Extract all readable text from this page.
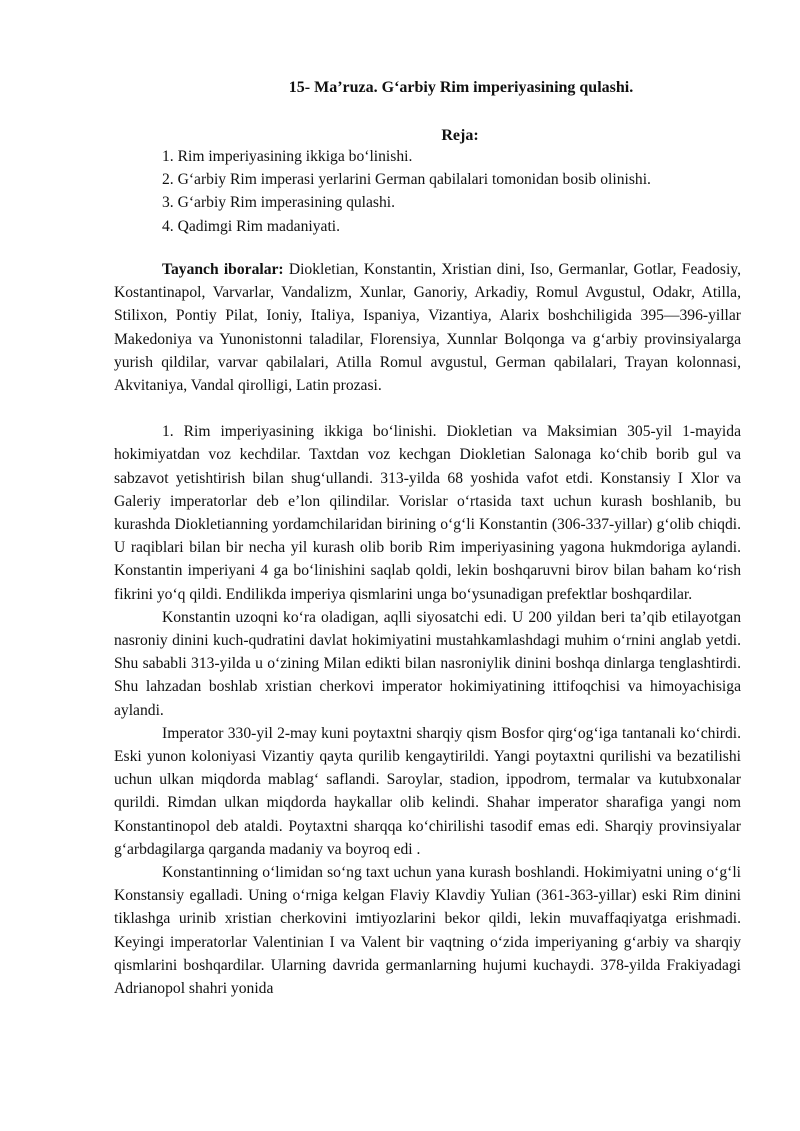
15- Ma’ruza. G‘arbiy Rim imperiyasining qulashi.
Reja:
1. Rim imperiyasining ikkiga bo‘linishi.
2. G‘arbiy Rim imperasi yerlarini German qabilalari tomonidan bosib olinishi.
3. G‘arbiy Rim imperasining qulashi.
4. Qadimgi Rim madaniyati.

Tayanch iboralar: Diokletian, Konstantin, Xristian dini, Iso, Germanlar, Gotlar, Feadosiy, Kostantinapol, Varvarlar, Vandalizm, Xunlar, Ganoriy, Arkadiy, Romul Avgustul, Odakr, Atilla, Stilixon, Pontiy Pilat, Ioniy, Italiya, Ispaniya, Vizantiya, Alarix boshchiligida 395—396-yillar Makedoniya va Yunonistonni taladilar, Florensiya, Xunnlar Bolqonga va g‘arbiy provinsiyalarga yurish qildilar, varvar qabilalari, Atilla Romul avgustul, German qabilalari, Trayan kolonnasi, Akvitaniya, Vandal qirolligi, Latin prozasi.

1. Rim imperiyasining ikkiga bo‘linishi. Diokletian va Maksimian 305-yil 1-mayida hokimiyatdan voz kechdilar. Taxtdan voz kechgan Diokletian Salonaga ko‘chib borib gul va sabzavot yetishtirish bilan shug‘ullandi. 313-yilda 68 yoshida vafot etdi. Konstansiy I Xlor va Galeriy imperatorlar deb e’lon qilindilar. Vorislar o‘rtasida taxt uchun kurash boshlanib, bu kurashda Diokletianning yordamchilaridan birining o‘g‘li Konstantin (306-337-yillar) g‘olib chiqdi. U raqiblari bilan bir necha yil kurash olib borib Rim imperiyasining yagona hukmdoriga aylandi. Konstantin imperiyani 4 ga bo‘linishini saqlab qoldi, lekin boshqaruvni birov bilan baham ko‘rish fikrini yo‘q qildi. Endilikda imperiya qismlarini unga bo‘ysunadigan prefektlar boshqardilar.

Konstantin uzoqni ko‘ra oladigan, aqlli siyosatchi edi. U 200 yildan beri ta’qib etilayotgan nasroniy dinini kuch-qudratini davlat hokimiyatini mustahkamlashdagi muhim o‘rnini anglab yetdi. Shu sababli 313-yilda u o‘zining Milan edikti bilan nasroniylik dinini boshqa dinlarga tenglashtirdi. Shu lahzadan boshlab xristian cherkovi imperator hokimiyatining ittifoqchisi va himoyachisiga aylandi.

Imperator 330-yil 2-may kuni poytaxtni sharqiy qism Bosfor qirg‘og‘iga tantanali ko‘chirdi. Eski yunon koloniyasi Vizantiy qayta qurilib kengaytirildi. Yangi poytaxtni qurilishi va bezatilishi uchun ulkan miqdorda mablag‘ saflandi. Saroylar, stadion, ippodrom, termalar va kutubxonalar qurildi. Rimdan ulkan miqdorda haykallar olib kelindi. Shahar imperator sharafiga yangi nom Konstantinopol deb ataldi. Poytaxtni sharqqa ko‘chirilishi tasodif emas edi. Sharqiy provinsiyalar g‘arbdagilarga qarganda madaniy va boyroq edi .

Konstantinning o‘limidan so‘ng taxt uchun yana kurash boshlandi. Hokimiyatni uning o‘g‘li Konstansiy egalladi. Uning o‘rniga kelgan Flaviy Klavdiy Yulian (361-363-yillar) eski Rim dinini tiklashga urinib xristian cherkovini imtiyozlarini bekor qildi, lekin muvaffaqiyatga erishmadi. Keyingi imperatorlar Valentinian I va Valent bir vaqtning o‘zida imperiyaning g‘arbiy va sharqiy qismlarini boshqardilar. Ularning davrida germanlarning hujumi kuchaydi. 378-yilda Frakiyadagi Adrianopol shahri yonida
